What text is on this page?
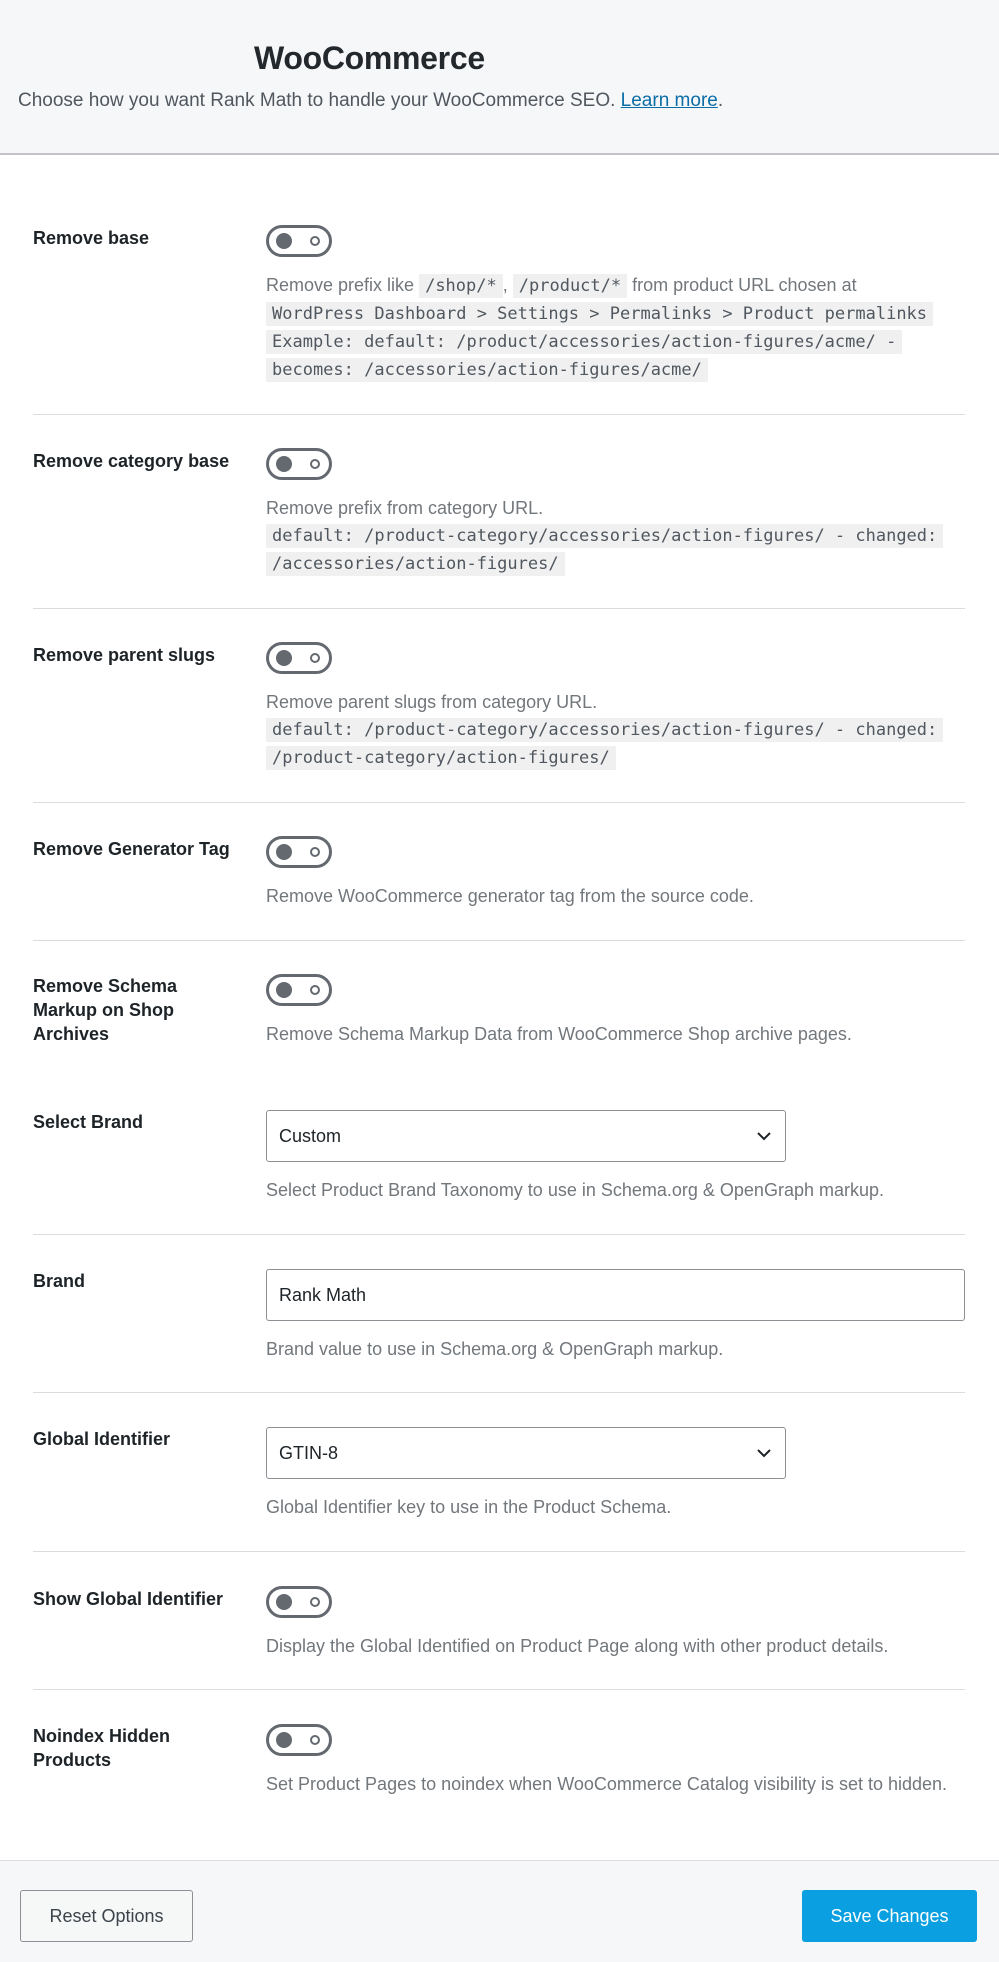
WooCommerce

Choose how you want Rank Math to handle your WooCommerce SEO. Learn more.

Remove base
Remove prefix like /shop/* , /product/* from product URL chosen at
WordPress Dashboard > Settings > Permalinks > Product permalinks
Example: default: /product/accessories/action-figures/acme/ -
becomes: /accessories/action-figures/acme/
Remove category base
Remove prefix from category URL.
default: /product-category/accessories/action-figures/ - changed:
/accessories/action-figures/
Remove parent slugs
Remove parent slugs from category URL.
default: /product-category/accessories/action-figures/ - changed:
/product-category/action-figures/
Remove Generator Tag
Remove WooCommerce generator tag from the source code.
Remove Schema Markup on Shop Archives	Remove Schema Markup Data from WooCommerce Shop archive pages.
Select Brand
Custom
Select Product Brand Taxonomy to use in Schema.org & OpenGraph markup.
Brand
Rank Math
Brand value to use in Schema.org & OpenGraph markup.
Global Identifier
GTIN-8
Global Identifier key to use in the Product Schema.
Show Global Identifier
Display the Global Identified on Product Page along with other product details.
Noindex Hidden Products
Set Product Pages to noindex when WooCommerce Catalog visibility is set to hidden.
Reset Options	Save Changes
